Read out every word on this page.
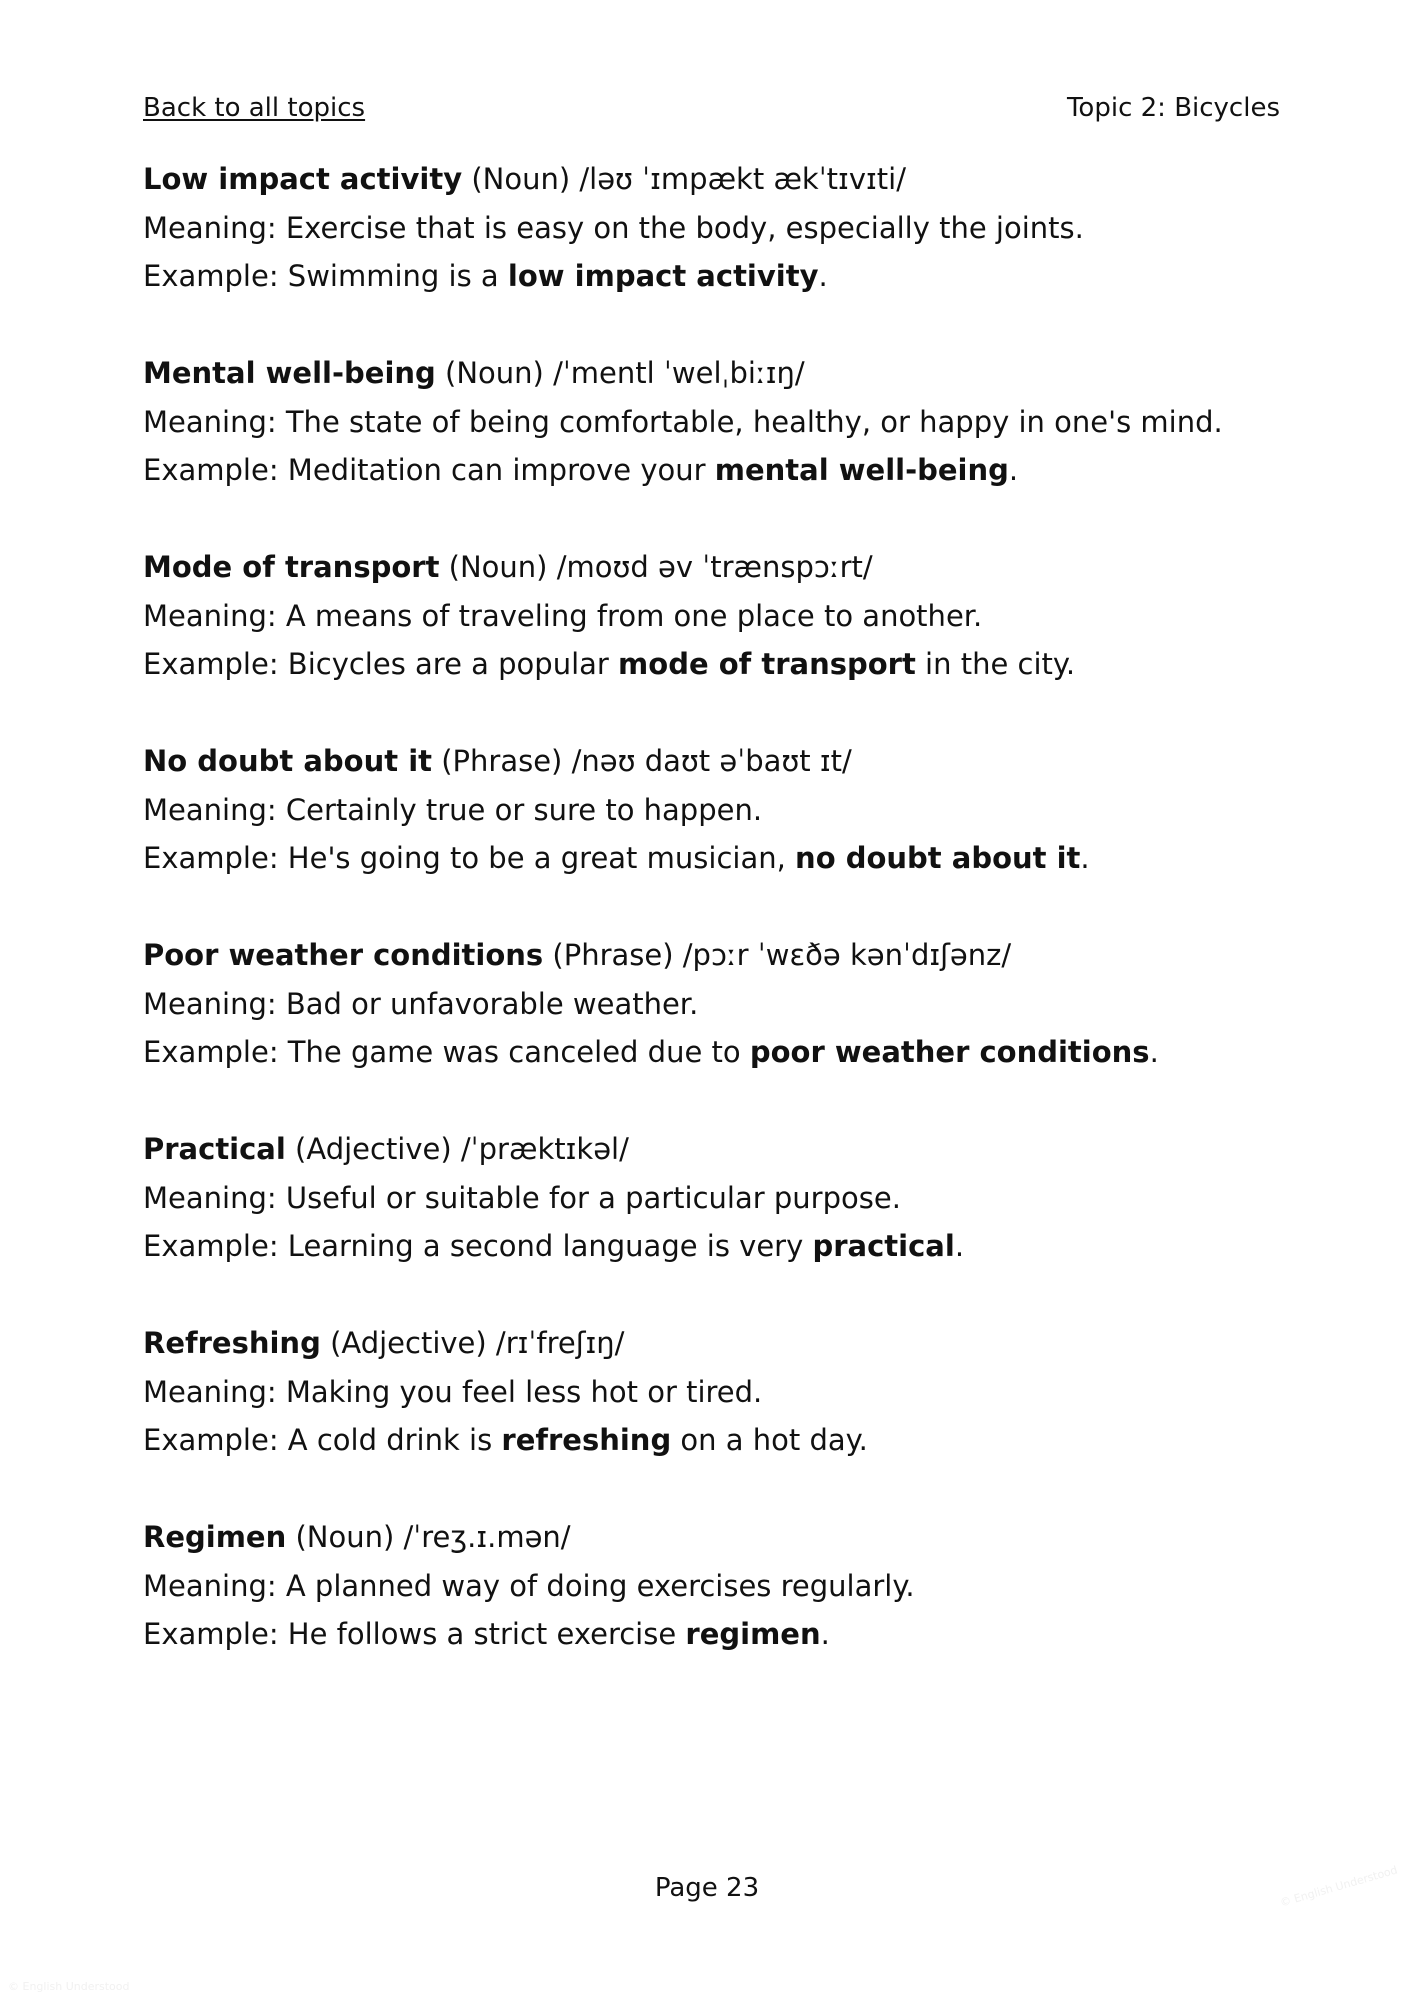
Back to all topics	Topic 2: Bicycles

Low impact activity (Noun) /ləʊ ˈɪmpækt ækˈtɪvɪti/

Meaning: Exercise that is easy on the body, especially the joints.

Example: Swimming is a low impact activity.

Mental well-being (Noun) /ˈmentl ˈwelˌbiːɪŋ/

Meaning: The state of being comfortable, healthy, or happy in one's mind.

Example: Meditation can improve your mental well-being.

Mode of transport (Noun) /moʊd əv ˈtrænspɔːrt/

Meaning: A means of traveling from one place to another.

Example: Bicycles are a popular mode of transport in the city.

No doubt about it (Phrase) /nəʊ daʊt əˈbaʊt ɪt/

Meaning: Certainly true or sure to happen.

Example: He's going to be a great musician, no doubt about it.

Poor weather conditions (Phrase) /pɔːr ˈwɛðə kənˈdɪʃənz/

Meaning: Bad or unfavorable weather.

Example: The game was canceled due to poor weather conditions.

Practical (Adjective) /ˈpræktɪkəl/

Meaning: Useful or suitable for a particular purpose.

Example: Learning a second language is very practical.

Refreshing (Adjective) /rɪˈfreʃɪŋ/

Meaning: Making you feel less hot or tired.

Example: A cold drink is refreshing on a hot day.

Regimen (Noun) /ˈreʒ.ɪ.mən/

Meaning: A planned way of doing exercises regularly.

Example: He follows a strict exercise regimen.

Page 23	© English Understood
© English Understood
